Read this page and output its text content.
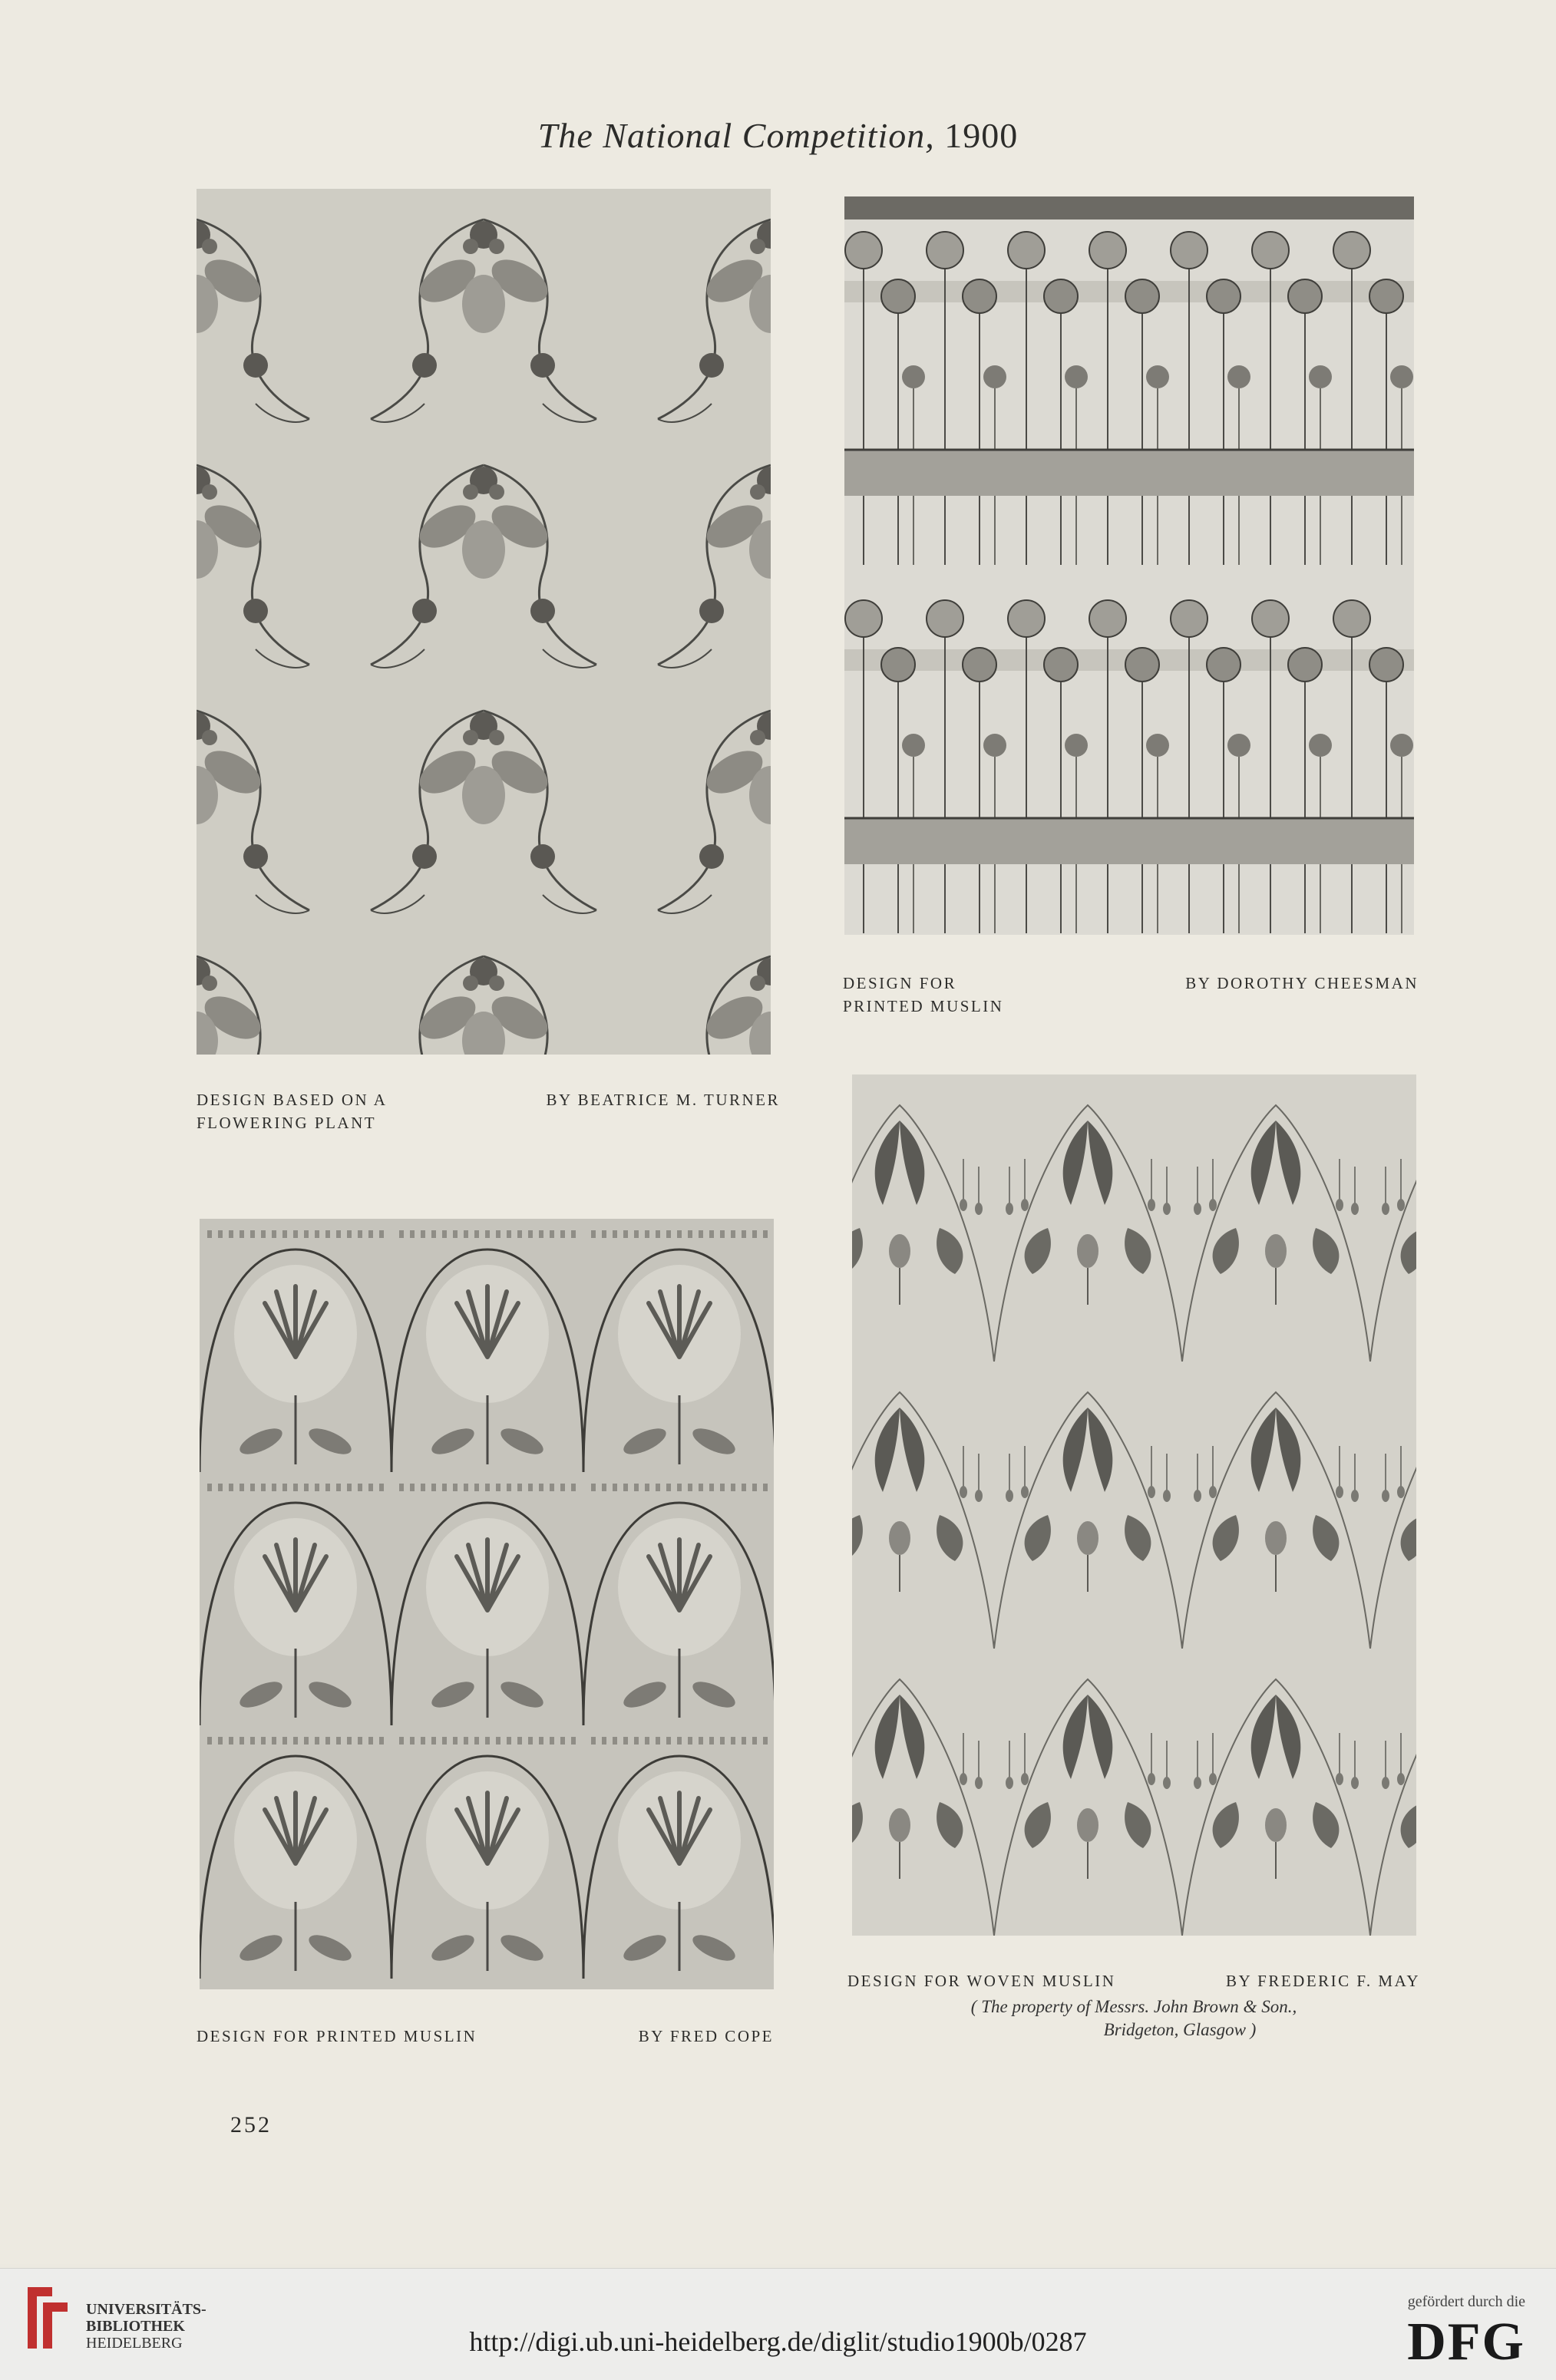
The National Competition, 1900
DESIGN BASED ON A
FLOWERING PLANT
BY BEATRICE M. TURNER
DESIGN FOR
PRINTED MUSLIN
BY DOROTHY CHEESMAN
DESIGN FOR PRINTED MUSLIN	BY FRED COPE
DESIGN FOR WOVEN MUSLIN	BY FREDERIC F. MAY
( The property of Messrs. John Brown & Son.,
Bridgeton, Glasgow )
252
UNIVERSITÄTS-
BIBLIOTHEK
HEIDELBERG	http://digi.ub.uni-heidelberg.de/diglit/studio1900b/0287
gefördert durch die
DFG
